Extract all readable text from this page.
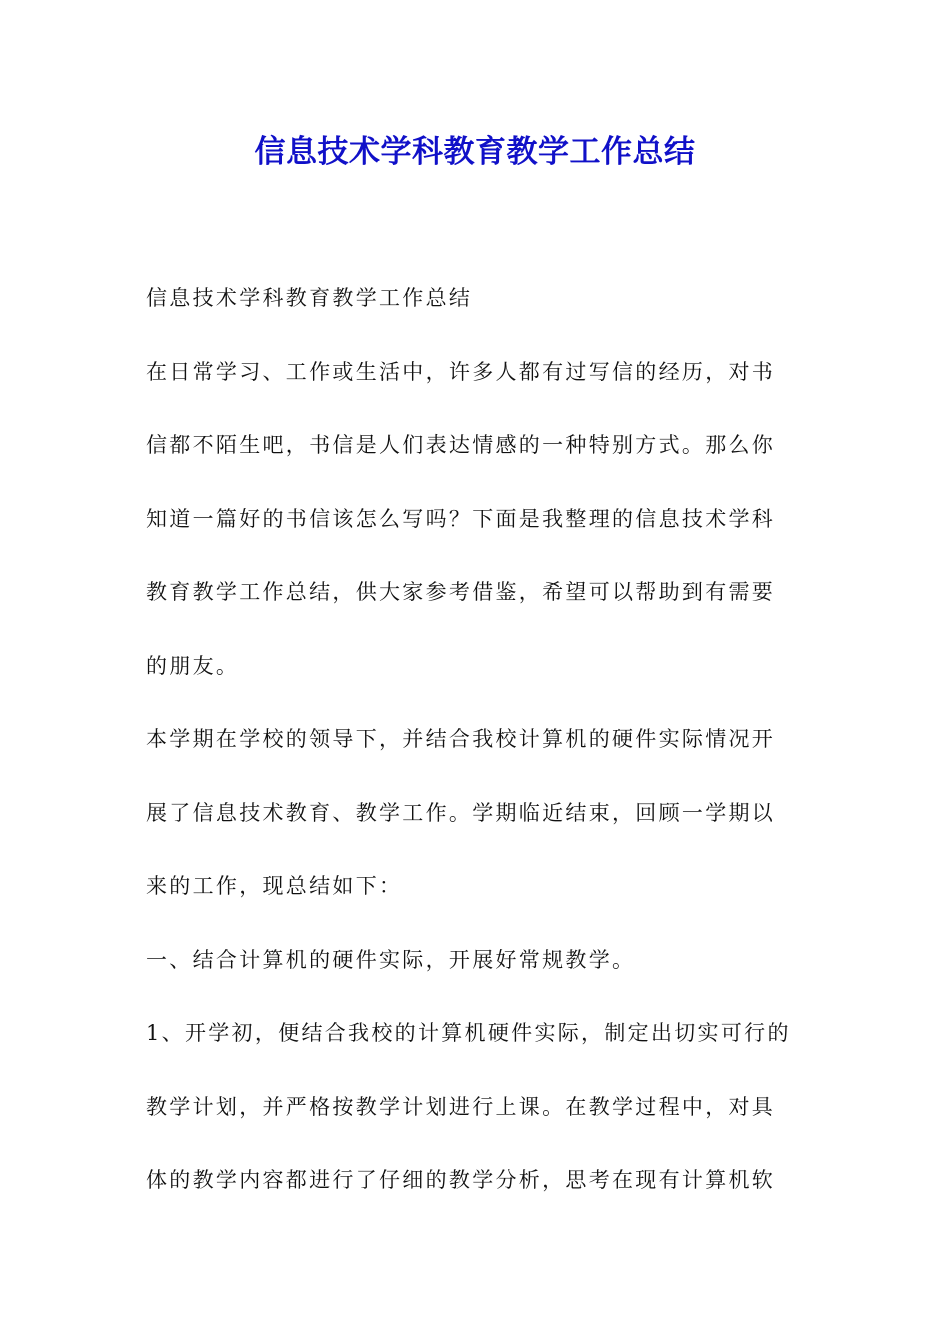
信息技术学科教育教学工作总结
信息技术学科教育教学工作总结
在日常学习、工作或生活中，许多人都有过写信的经历，对书
信都不陌生吧，书信是人们表达情感的一种特别方式。那么你
知道一篇好的书信该怎么写吗？下面是我整理的信息技术学科
教育教学工作总结，供大家参考借鉴，希望可以帮助到有需要
的朋友。
本学期在学校的领导下，并结合我校计算机的硬件实际情况开
展了信息技术教育、教学工作。学期临近结束，回顾一学期以
来的工作，现总结如下：
一、结合计算机的硬件实际，开展好常规教学。
1、开学初，便结合我校的计算机硬件实际，制定出切实可行的
教学计划，并严格按教学计划进行上课。在教学过程中，对具
体的教学内容都进行了仔细的教学分析，思考在现有计算机软
